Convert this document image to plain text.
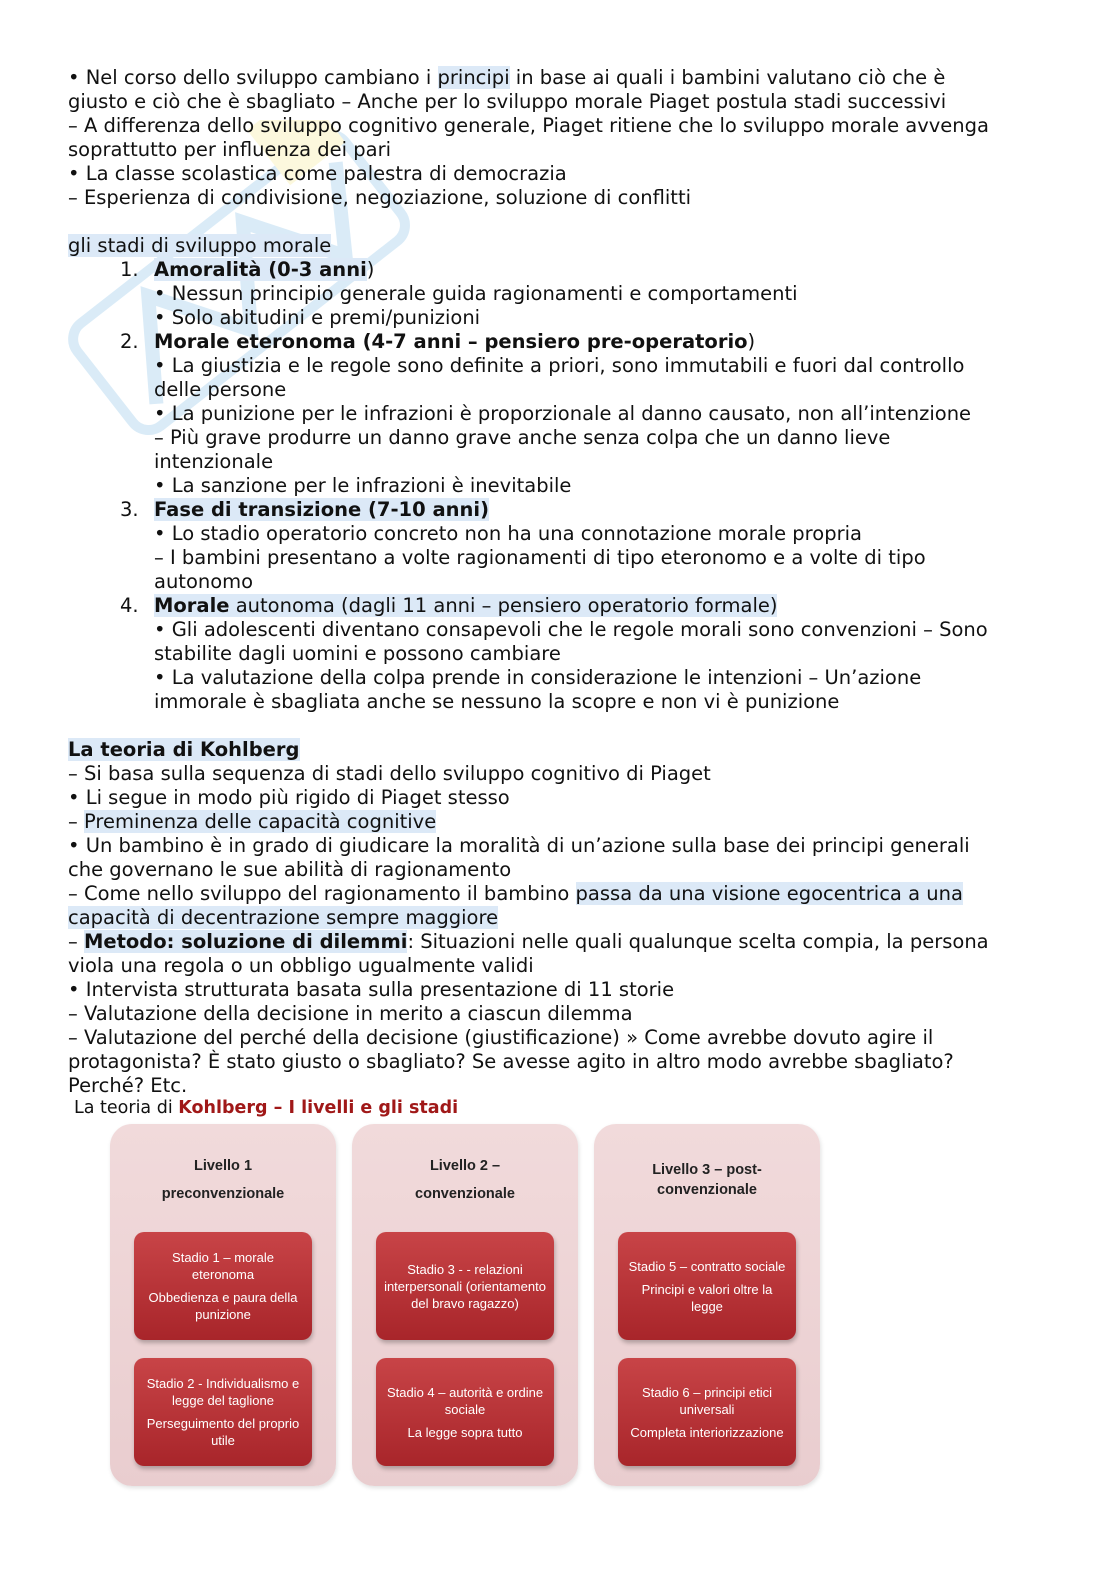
• Nel corso dello sviluppo cambiano i principi in base ai quali i bambini valutano ciò che è
giusto e ciò che è sbagliato – Anche per lo sviluppo morale Piaget postula stadi successivi
– A differenza dello sviluppo cognitivo generale, Piaget ritiene che lo sviluppo morale avvenga
soprattutto per influenza dei pari
• La classe scolastica come palestra di democrazia
– Esperienza di condivisione, negoziazione, soluzione di conflitti
gli stadi di sviluppo morale
1. Amoralità (0-3 anni)
• Nessun principio generale guida ragionamenti e comportamenti
• Solo abitudini e premi/punizioni
2. Morale eteronoma (4-7 anni – pensiero pre-operatorio)
• La giustizia e le regole sono definite a priori, sono immutabili e fuori dal controllo
delle persone
• La punizione per le infrazioni è proporzionale al danno causato, non all’intenzione
– Più grave produrre un danno grave anche senza colpa che un danno lieve
intenzionale
• La sanzione per le infrazioni è inevitabile
3. Fase di transizione (7-10 anni)
• Lo stadio operatorio concreto non ha una connotazione morale propria
– I bambini presentano a volte ragionamenti di tipo eteronomo e a volte di tipo
autonomo
4. Morale autonoma (dagli 11 anni – pensiero operatorio formale)
• Gli adolescenti diventano consapevoli che le regole morali sono convenzioni – Sono
stabilite dagli uomini e possono cambiare
• La valutazione della colpa prende in considerazione le intenzioni – Un’azione
immorale è sbagliata anche se nessuno la scopre e non vi è punizione
La teoria di Kohlberg
– Si basa sulla sequenza di stadi dello sviluppo cognitivo di Piaget
• Li segue in modo più rigido di Piaget stesso
– Preminenza delle capacità cognitive
• Un bambino è in grado di giudicare la moralità di un’azione sulla base dei principi generali
che governano le sue abilità di ragionamento
– Come nello sviluppo del ragionamento il bambino passa da una visione egocentrica a una
capacità di decentrazione sempre maggiore
– Metodo: soluzione di dilemmi: Situazioni nelle quali qualunque scelta compia, la persona
viola una regola o un obbligo ugualmente validi
• Intervista strutturata basata sulla presentazione di 11 storie
– Valutazione della decisione in merito a ciascun dilemma
– Valutazione del perché della decisione (giustificazione) » Come avrebbe dovuto agire il
protagonista? È stato giusto o sbagliato? Se avesse agito in altro modo avrebbe sbagliato?
Perché? Etc.
La teoria di Kohlberg – I livelli e gli stadi
Livello 1
preconvenzionale
Stadio 1 – morale eteronoma
Obbedienza e paura della punizione
Stadio 2 - Individualismo e legge del taglione
Perseguimento del proprio utile
Livello 2 –
convenzionale
Stadio 3 - - relazioni interpersonali (orientamento del bravo ragazzo)
Stadio 4 – autorità e ordine sociale
La legge sopra tutto
Livello 3 – post-
convenzionale
Stadio 5 – contratto sociale
Principi e valori oltre la legge
Stadio 6 – principi etici universali
Completa interiorizzazione
